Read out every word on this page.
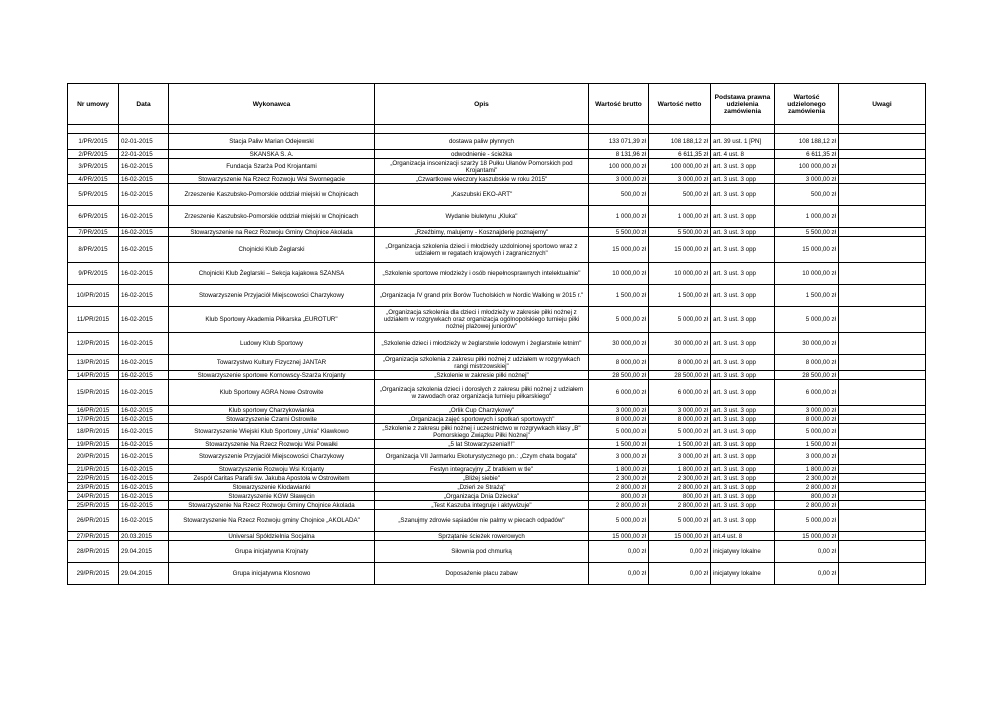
Nr umowy	Data	Wykonawca	Opis	Wartość brutto	Wartość netto	Podstawa prawna udzielenia zamówienia	Wartość udzielonego zamówienia	Uwagi

1/PR/2015	02-01-2015	Stacja Paliw Marian Odejewski	dostawa paliw płynnych	133 071,39 zł	108 188,12 zł	art. 39 ust. 1 [PN]	108 188,12 zł	
2/PR/2015	22-01-2015	SKANSKA S. A.	odwodnienie - ścieżka	8 131,96 zł	6 611,35 zł	art. 4 ust. 8	6 611,35 zł	
3/PR/2015	16-02-2015	Fundacja Szarża Pod Krojantami	„Organizacja inscenizacji szarży 18 Pułku Ułanów Pomorskich pod Krojantami"	100 000,00 zł	100 000,00 zł	art. 3 ust. 3 opp	100 000,00 zł	
4/PR/2015	16-02-2015	Stowarzyszenie Na Rzecz Rozwoju Wsi Swornegacie	„Czwartkowe wieczory kaszubskie w roku 2015"	3 000,00 zł	3 000,00 zł	art. 3 ust. 3 opp	3 000,00 zł	
5/PR/2015	16-02-2015	Zrzeszenie Kaszubsko-Pomorskie oddział miejski w Chojnicach	„Kaszubski EKO-ART"	500,00 zł	500,00 zł	art. 3 ust. 3 opp	500,00 zł	
6/PR/2015	16-02-2015	Zrzeszenie Kaszubsko-Pomorskie oddział miejski w Chojnicach	Wydanie biuletynu „Kluka"	1 000,00 zł	1 000,00 zł	art. 3 ust. 3 opp	1 000,00 zł	
7/PR/2015	16-02-2015	Stowarzyszenie na Recz Rozwoju Gminy Chojnice Akolada	„Rzeźbimy, malujemy - Kosznajderię poznajemy"	5 500,00 zł	5 500,00 zł	art. 3 ust. 3 opp	5 500,00 zł	
8/PR/2015	16-02-2015	Chojnicki Klub Żeglarski	„Organizacja szkolenia dzieci i młodzieży uzdolnionej sportowo wraz z udziałem w regatach krajowych i zagranicznych"	15 000,00 zł	15 000,00 zł	art. 3 ust. 3 opp	15 000,00 zł	
9/PR/2015	16-02-2015	Chojnicki Klub Żeglarski – Sekcja kajakowa SZANSA	„Szkolenie sportowe młodzieży i osób niepełnosprawnych intelektualnie"	10 000,00 zł	10 000,00 zł	art. 3 ust. 3 opp	10 000,00 zł	
10/PR/2015	16-02-2015	Stowarzyszenie Przyjaciół Miejscowości Charzykowy	„Organizacja IV grand prix Borów Tucholskich w Nordic Walking w 2015 r."	1 500,00 zł	1 500,00 zł	art. 3 ust. 3 opp	1 500,00 zł	
11/PR/2015	16-02-2015	Klub Sportowy Akademia Piłkarska „EUROTUR"	„Organizacja szkolenia dla dzieci i młodzieży w zakresie piłki nożnej z udziałem w rozgrywkach oraz organizacja ogólnopolskiego turnieju piłki nożnej plażowej juniorów"	5 000,00 zł	5 000,00 zł	art. 3 ust. 3 opp	5 000,00 zł	
12/PR/2015	16-02-2015	Ludowy Klub Sportowy	„Szkolenie dzieci i młodzieży w żeglarstwie lodowym i żeglarstwie letnim"	30 000,00 zł	30 000,00 zł	art. 3 ust. 3 opp	30 000,00 zł	
13/PR/2015	16-02-2015	Towarzystwo Kultury Fizycznej JANTAR	„Organizacja szkolenia z zakresu piłki nożnej z udziałem w rozgrywkach rangi mistrzowskiej"	8 000,00 zł	8 000,00 zł	art. 3 ust. 3 opp	8 000,00 zł	
14/PR/2015	16-02-2015	Stowarzyszenie sportowe Kornowscy-Szarża Krojanty	„Szkolenie w zakresie piłki nożnej"	28 500,00 zł	28 500,00 zł	art. 3 ust. 3 opp	28 500,00 zł	
15/PR/2015	16-02-2015	Klub Sportowy AGRA Nowe Ostrowite	„Organizacja szkolenia dzieci i dorosłych z zakresu piłki nożnej z udziałem w zawodach oraz organizacja turnieju piłkarskiego"	6 000,00 zł	6 000,00 zł	art. 3 ust. 3 opp	6 000,00 zł	
16/PR/2015	16-02-2015	Klub sportowy Charzykowianka	„Orlik Cup Charzykowy"	3 000,00 zł	3 000,00 zł	art. 3 ust. 3 opp	3 000,00 zł	
17/PR/2015	16-02-2015	Stowarzyszenie Czarni Ostrowite	„Organizacja zajęć sportowych i spotkań sportowych"	8 000,00 zł	8 000,00 zł	art. 3 ust. 3 opp	8 000,00 zł	
18/PR/2015	16-02-2015	Stowarzyszenie Wiejski Klub Sportowy „Unia" Kławkowo	„Szkolenie z zakresu piłki nożnej i uczestnictwo w rozgrywkach klasy „B" Pomorskiego Związku Piłki Nożnej"	5 000,00 zł	5 000,00 zł	art. 3 ust. 3 opp	5 000,00 zł	
19/PR/2015	16-02-2015	Stowarzyszenie Na Rzecz Rozwoju Wsi Powałki	„5 lat Stowarzyszenia!!!"	1 500,00 zł	1 500,00 zł	art. 3 ust. 3 opp	1 500,00 zł	
20/PR/2015	16-02-2015	Stowarzyszenie Przyjaciół Miejscowości Charzykowy	Organizacja VII Jarmarku Ekoturystycznego pn.: „Czym chata bogata"	3 000,00 zł	3 000,00 zł	art. 3 ust. 3 opp	3 000,00 zł	
21/PR/2015	16-02-2015	Stowarzyszenie Rozwoju Wsi Krojanty	Festyn integracyjny „Z bratkiem w tle"	1 800,00 zł	1 800,00 zł	art. 3 ust. 3 opp	1 800,00 zł	
22/PR/2015	16-02-2015	Zespół Caritas Parafii św. Jakuba Apostoła w Ostrowitem	„Bliżej siebie"	2 300,00 zł	2 300,00 zł	art. 3 ust. 3 opp	2 300,00 zł	
23/PR/2015	16-02-2015	Stowarzyszenie Kłodawianki	„Dzień ze Strażą"	2 800,00 zł	2 800,00 zł	art. 3 ust. 3 opp	2 800,00 zł	
24/PR/2015	16-02-2015	Stowarzyszenie KGW Sławęcin	„Organizacja Dnia Dziecka"	800,00 zł	800,00 zł	art. 3 ust. 3 opp	800,00 zł	
25/PR/2015	16-02-2015	Stowarzyszenie Na Rzecz Rozwoju Gminy Chojnice Akolada	„Test Kaszuba integruje i aktywizuje"	2 800,00 zł	2 800,00 zł	art. 3 ust. 3 opp	2 800,00 zł	
26/PR/2015	16-02-2015	Stowarzyszenie Na Rzecz Rozwoju gminy Chojnice „AKOLADA"	„Szanujmy zdrowie sąsiadów nie palmy w piecach odpadów"	5 000,00 zł	5 000,00 zł	art. 3 ust. 3 opp	5 000,00 zł	
27/PR/2015	20.03.2015	Universal Spółdzielnia Socjalna	Sprzątanie ścieżek rowerowych	15 000,00 zł	15 000,00 zł	art.4 ust. 8	15 000,00 zł	
28/PR/2015	29.04.2015	Grupa inicjatywna Krojnaty	Siłownia pod chmurką	0,00 zł	0,00 zł	inicjatywy lokalne	0,00 zł	
29/PR/2015	29.04.2015	Grupa inicjatywna Klosnowo	Doposażenie placu zabaw	0,00 zł	0,00 zł	inicjatywy lokalne	0,00 zł	
